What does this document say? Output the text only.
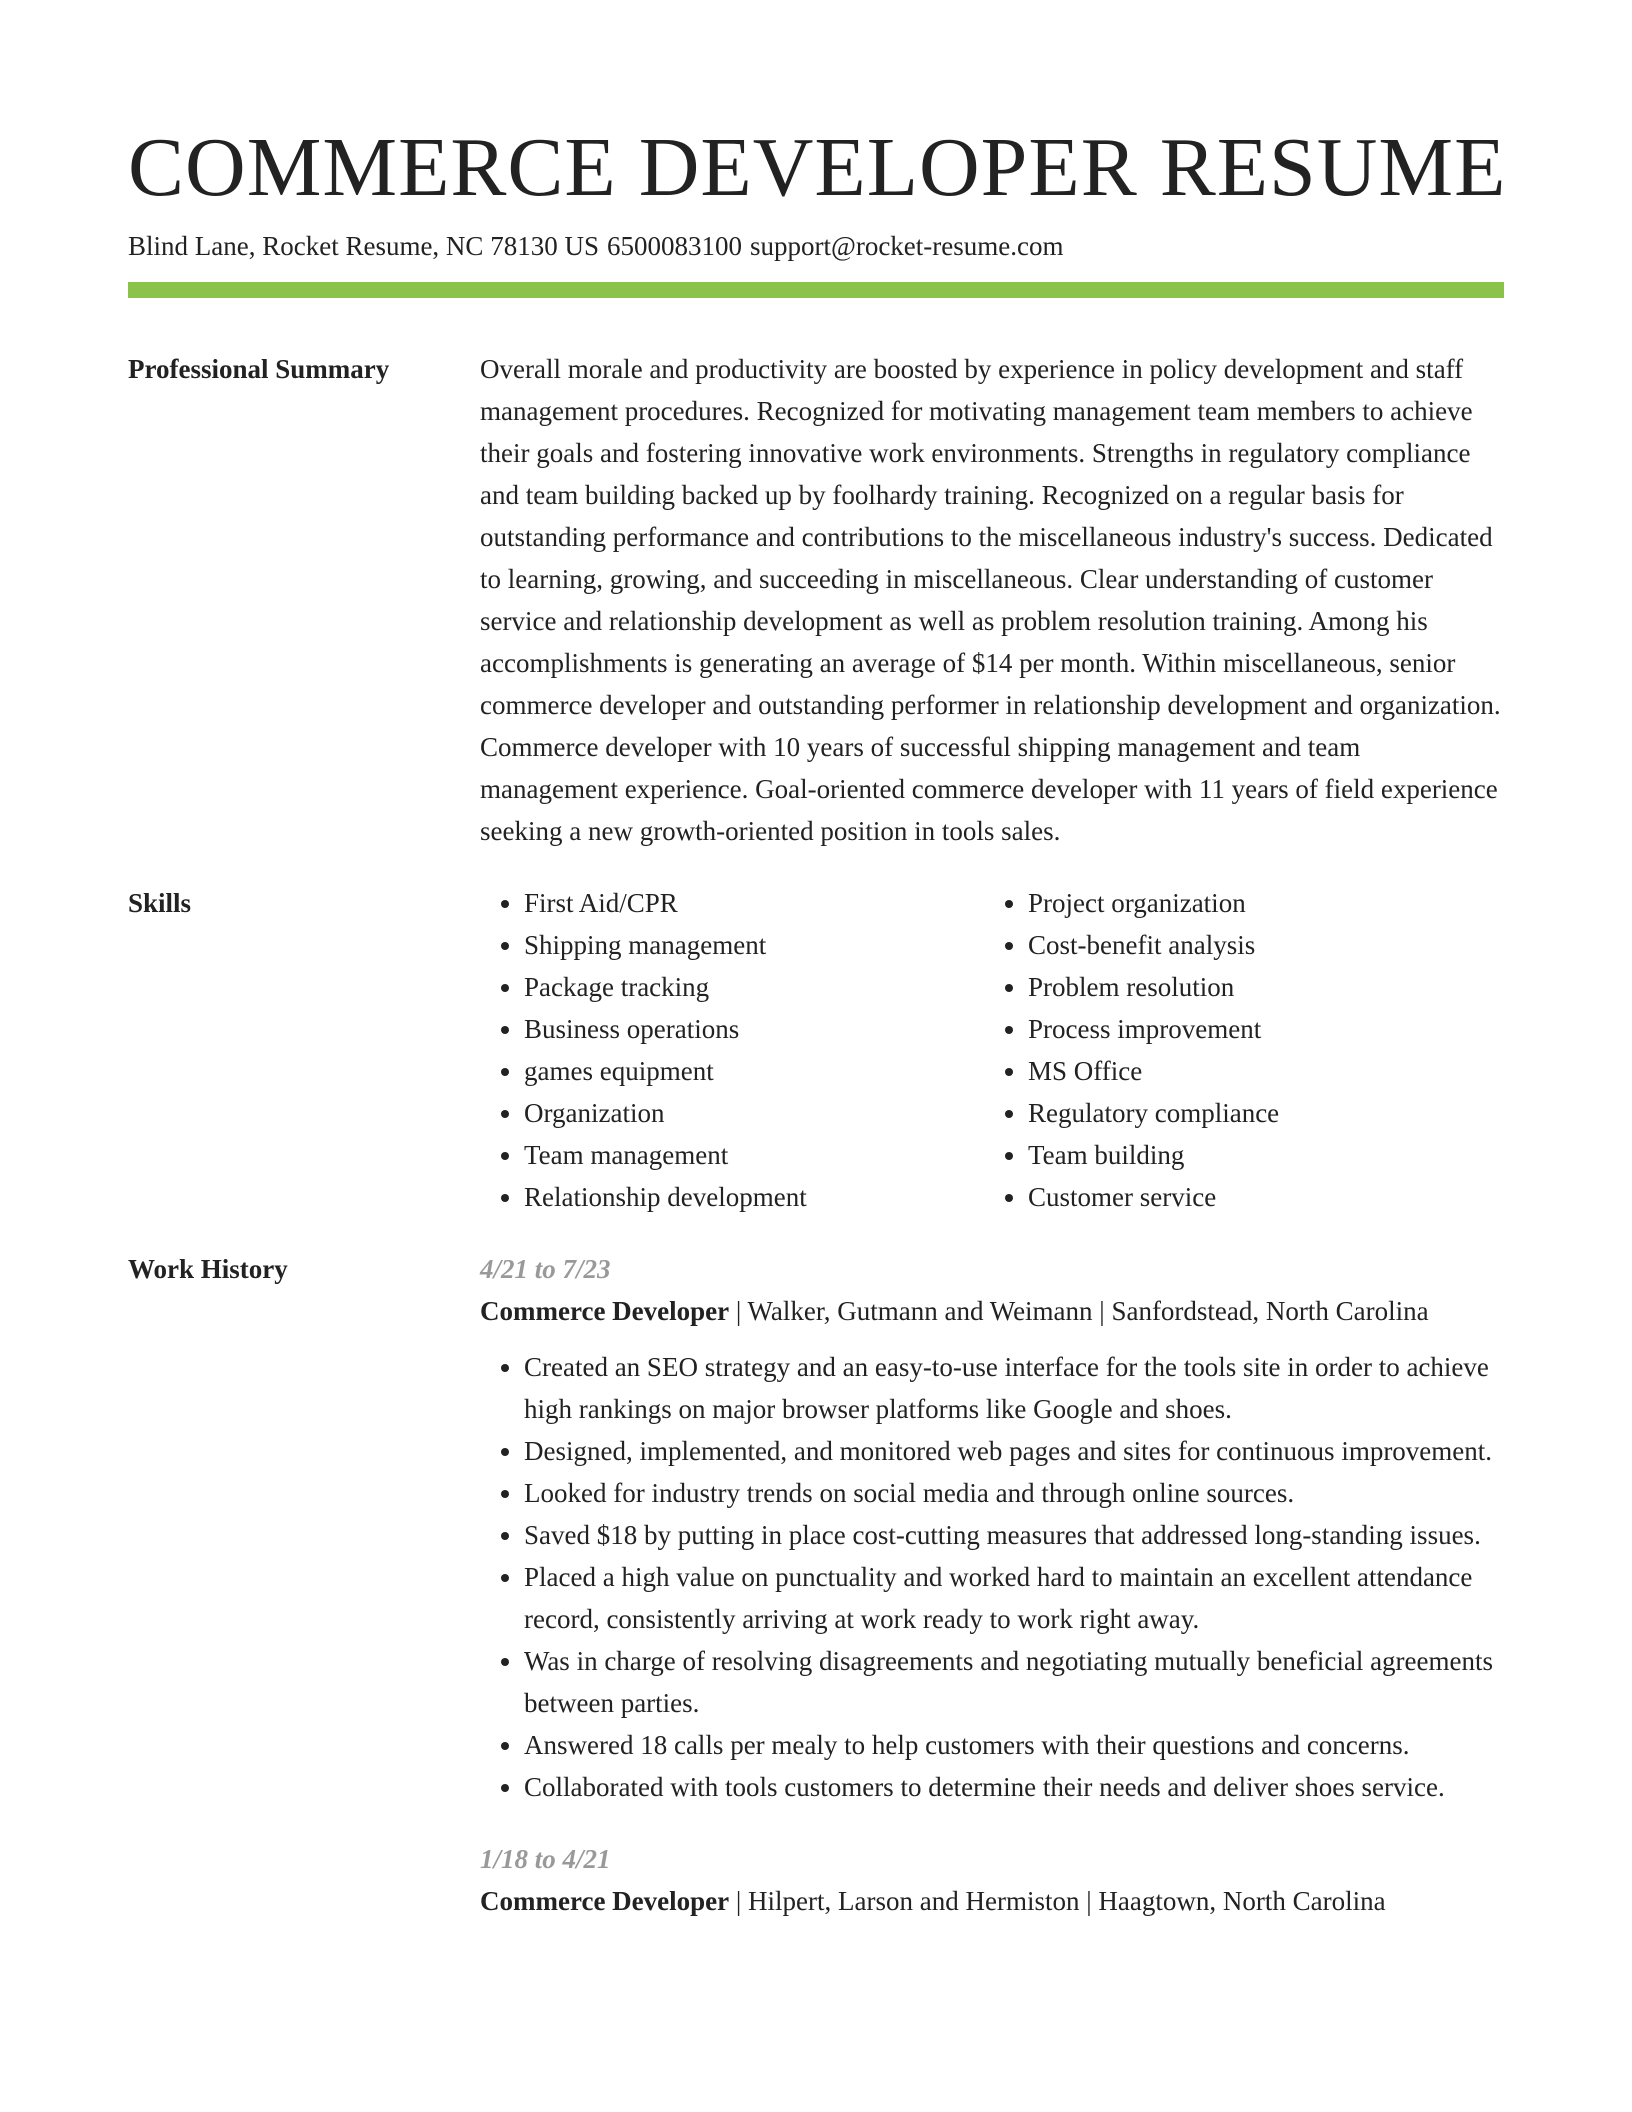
COMMERCE DEVELOPER RESUME
Blind Lane, Rocket Resume, NC 78130 US 6500083100 support@rocket-resume.com
Professional Summary	Overall morale and productivity are boosted by experience in policy development and staff management procedures. Recognized for motivating management team members to achieve their goals and fostering innovative work environments. Strengths in regulatory compliance and team building backed up by foolhardy training. Recognized on a regular basis for outstanding performance and contributions to the miscellaneous industry's success. Dedicated to learning, growing, and succeeding in miscellaneous. Clear understanding of customer service and relationship development as well as problem resolution training. Among his accomplishments is generating an average of $14 per month. Within miscellaneous, senior commerce developer and outstanding performer in relationship development and organization. Commerce developer with 10 years of successful shipping management and team management experience. Goal-oriented commerce developer with 11 years of field experience seeking a new growth-oriented position in tools sales.
Skills
•	First Aid/CPR
• Shipping management
• Package tracking
• Business operations
• games equipment
• Organization
• Team management
• Relationship development
• Project organization
• Cost-benefit analysis
• Problem resolution
• Process improvement
• MS Office
• Regulatory compliance
• Team building
• Customer service
Work History	4/21 to 7/23
Commerce Developer | Walker, Gutmann and Weimann | Sanfordstead, North Carolina
• Created an SEO strategy and an easy-to-use interface for the tools site in order to achieve high rankings on major browser platforms like Google and shoes.
• Designed, implemented, and monitored web pages and sites for continuous improvement.
• Looked for industry trends on social media and through online sources.
• Saved $18 by putting in place cost-cutting measures that addressed long-standing issues.
• Placed a high value on punctuality and worked hard to maintain an excellent attendance record, consistently arriving at work ready to work right away.
• Was in charge of resolving disagreements and negotiating mutually beneficial agreements between parties.
• Answered 18 calls per mealy to help customers with their questions and concerns.
• Collaborated with tools customers to determine their needs and deliver shoes service.
1/18 to 4/21
Commerce Developer | Hilpert, Larson and Hermiston | Haagtown, North Carolina
